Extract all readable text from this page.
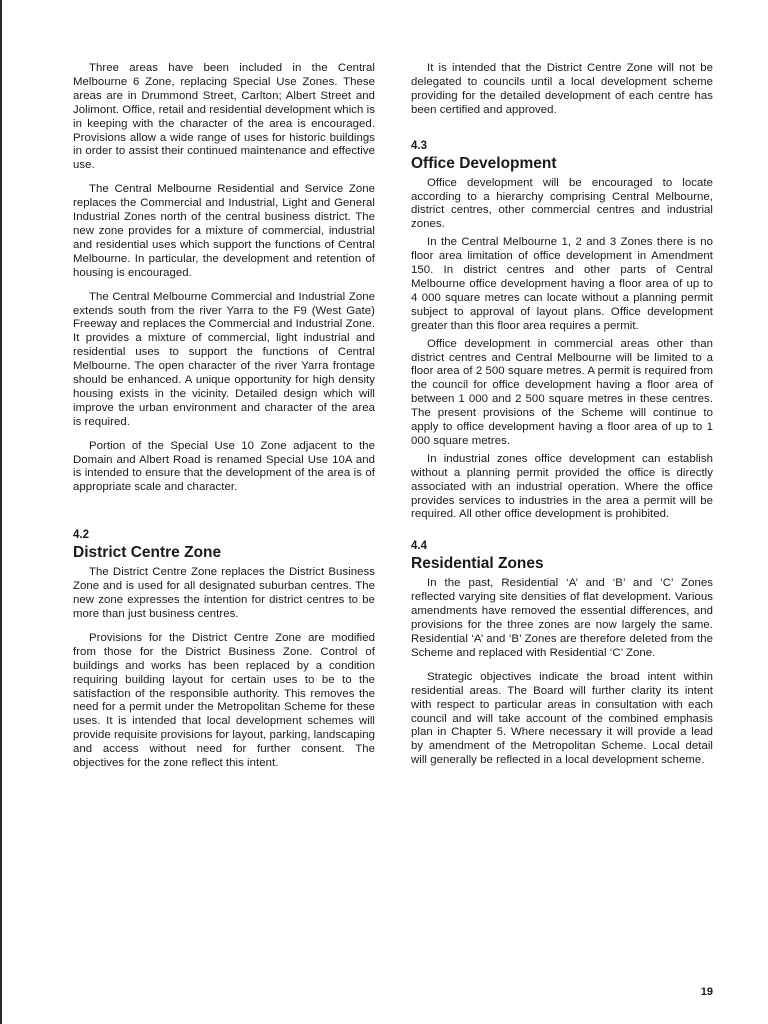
Three areas have been included in the Central Melbourne 6 Zone, replacing Special Use Zones. These areas are in Drummond Street, Carlton; Albert Street and Jolimont. Office, retail and residential development which is in keeping with the character of the area is encouraged. Provisions allow a wide range of uses for historic buildings in order to assist their continued maintenance and effective use.

The Central Melbourne Residential and Service Zone replaces the Commercial and Industrial, Light and General Industrial Zones north of the central business district. The new zone provides for a mixture of commercial, industrial and residential uses which support the functions of Central Melbourne. In particular, the development and retention of housing is encouraged.

The Central Melbourne Commercial and Industrial Zone extends south from the river Yarra to the F9 (West Gate) Freeway and replaces the Commercial and Industrial Zone. It provides a mixture of commercial, light industrial and residential uses to support the functions of Central Melbourne. The open character of the river Yarra frontage should be enhanced. A unique opportunity for high density housing exists in the vicinity. Detailed design which will improve the urban environment and character of the area is required.

Portion of the Special Use 10 Zone adjacent to the Domain and Albert Road is renamed Special Use 10A and is intended to ensure that the development of the area is of appropriate scale and character.

4.2
District Centre Zone

The District Centre Zone replaces the District Business Zone and is used for all designated suburban centres. The new zone expresses the intention for district centres to be more than just business centres.

Provisions for the District Centre Zone are modified from those for the District Business Zone. Control of buildings and works has been replaced by a condition requiring building layout for certain uses to be to the satisfaction of the responsible authority. This removes the need for a permit under the Metropolitan Scheme for these uses. It is intended that local development schemes will provide requisite provisions for layout, parking, landscaping and access without need for further consent. The objectives for the zone reflect this intent.

It is intended that the District Centre Zone will not be delegated to councils until a local development scheme providing for the detailed development of each centre has been certified and approved.

4.3
Office Development

Office development will be encouraged to locate according to a hierarchy comprising Central Melbourne, district centres, other commercial centres and industrial zones.

In the Central Melbourne 1, 2 and 3 Zones there is no floor area limitation of office development in Amendment 150. In district centres and other parts of Central Melbourne office development having a floor area of up to 4 000 square metres can locate without a planning permit subject to approval of layout plans. Office development greater than this floor area requires a permit.

Office development in commercial areas other than district centres and Central Melbourne will be limited to a floor area of 2 500 square metres. A permit is required from the council for office development having a floor area of between 1 000 and 2 500 square metres in these centres. The present provisions of the Scheme will continue to apply to office development having a floor area of up to 1 000 square metres.

In industrial zones office development can establish without a planning permit provided the office is directly associated with an industrial operation. Where the office provides services to industries in the area a permit will be required. All other office development is prohibited.

4.4
Residential Zones

In the past, Residential ‘A’ and ‘B’ and ‘C’ Zones reflected varying site densities of flat development. Various amendments have removed the essential differences, and provisions for the three zones are now largely the same. Residential ‘A’ and ‘B’ Zones are therefore deleted from the Scheme and replaced with Residential ‘C’ Zone.

Strategic objectives indicate the broad intent within residential areas. The Board will further clarity its intent with respect to particular areas in consultation with each council and will take account of the combined emphasis plan in Chapter 5. Where necessary it will provide a lead by amendment of the Metropolitan Scheme. Local detail will generally be reflected in a local development scheme.

19
